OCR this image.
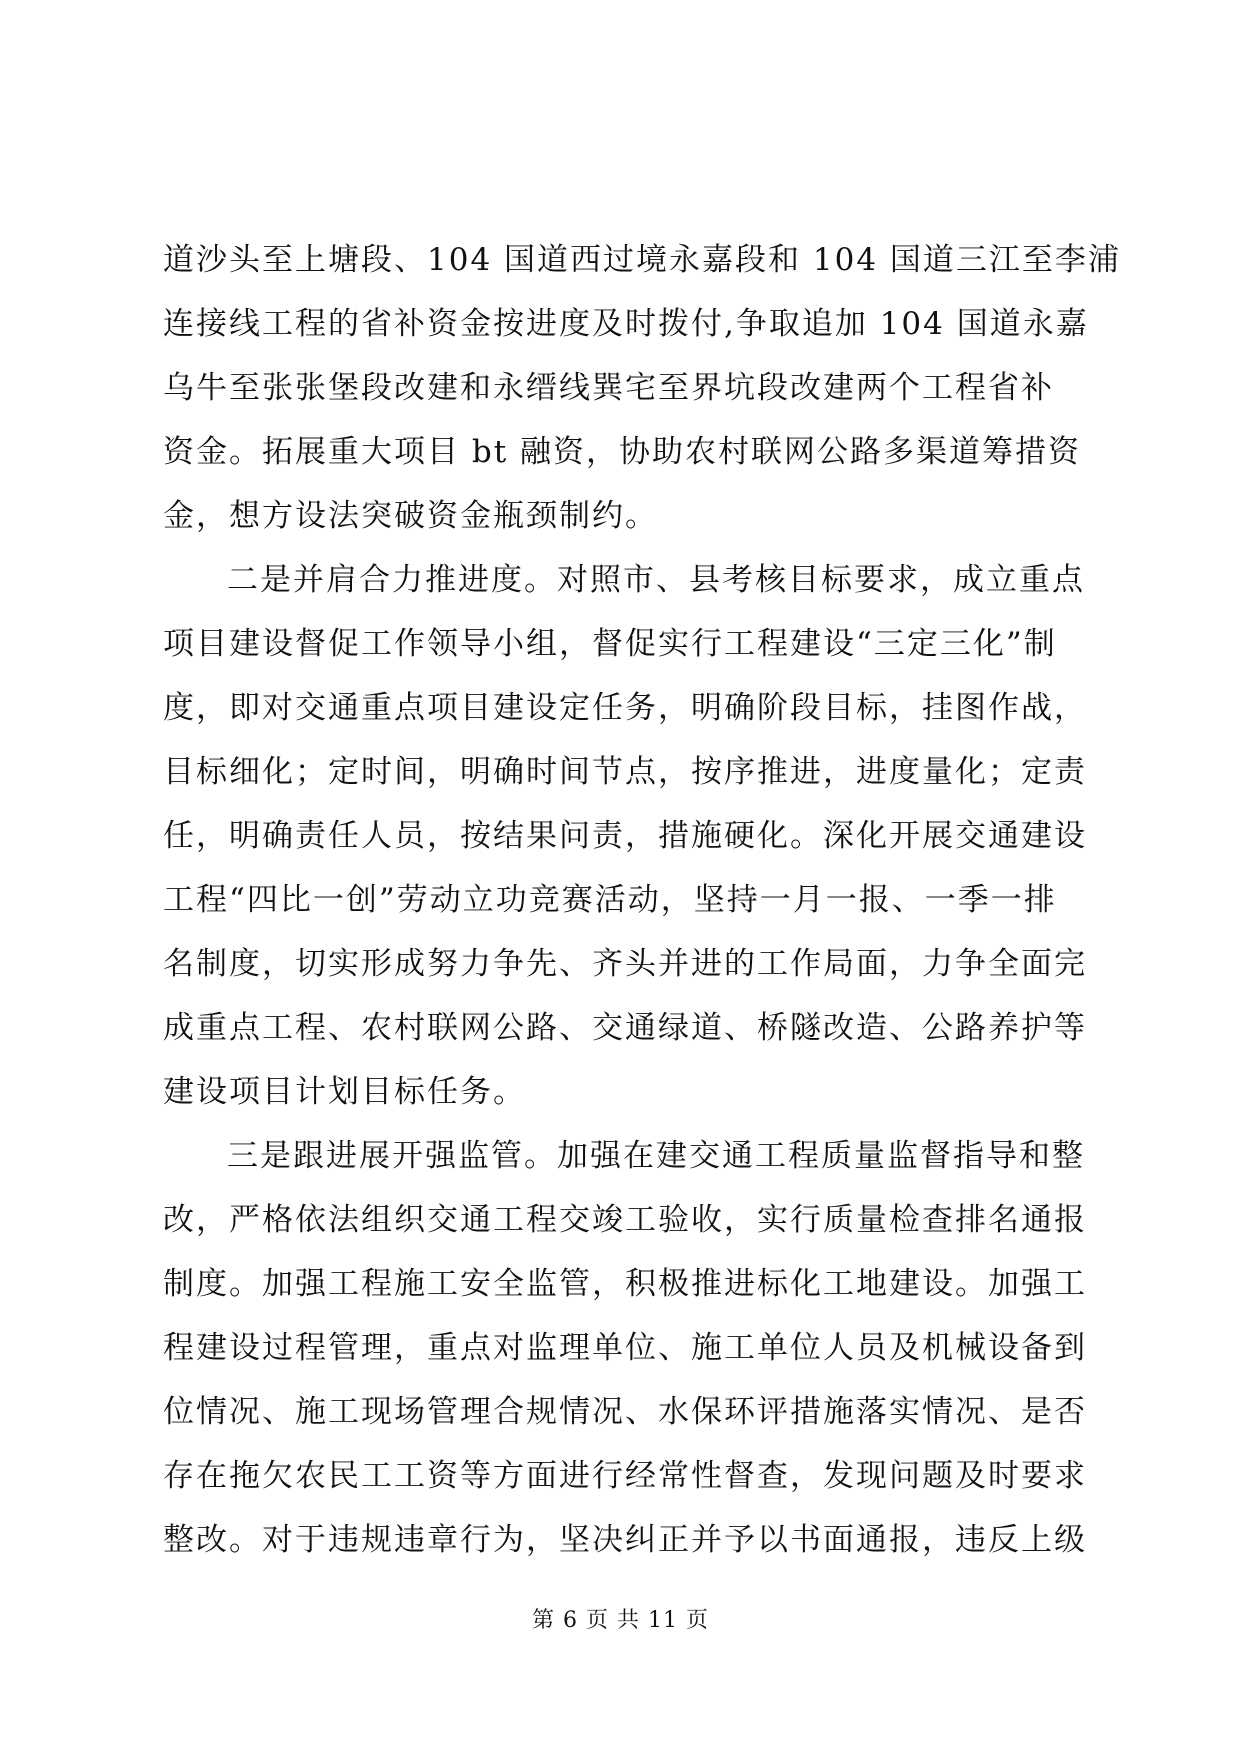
道沙头至上塘段、104 国道西过境永嘉段和 104 国道三江至李浦
连接线工程的省补资金按进度及时拨付,争取追加 104 国道永嘉
乌牛至张张堡段改建和永缙线巽宅至界坑段改建两个工程省补
资金。拓展重大项目 bt 融资，协助农村联网公路多渠道筹措资
金，想方设法突破资金瓶颈制约。

二是并肩合力推进度。对照市、县考核目标要求，成立重点
项目建设督促工作领导小组，督促实行工程建设“三定三化”制
度，即对交通重点项目建设定任务，明确阶段目标，挂图作战，
目标细化；定时间，明确时间节点，按序推进，进度量化；定责
任，明确责任人员，按结果问责，措施硬化。深化开展交通建设
工程“四比一创”劳动立功竞赛活动，坚持一月一报、一季一排
名制度，切实形成努力争先、齐头并进的工作局面，力争全面完
成重点工程、农村联网公路、交通绿道、桥隧改造、公路养护等
建设项目计划目标任务。

三是跟进展开强监管。加强在建交通工程质量监督指导和整
改，严格依法组织交通工程交竣工验收，实行质量检查排名通报
制度。加强工程施工安全监管，积极推进标化工地建设。加强工
程建设过程管理，重点对监理单位、施工单位人员及机械设备到
位情况、施工现场管理合规情况、水保环评措施落实情况、是否
存在拖欠农民工工资等方面进行经常性督查，发现问题及时要求
整改。对于违规违章行为，坚决纠正并予以书面通报，违反上级

第 6 页 共 11 页
